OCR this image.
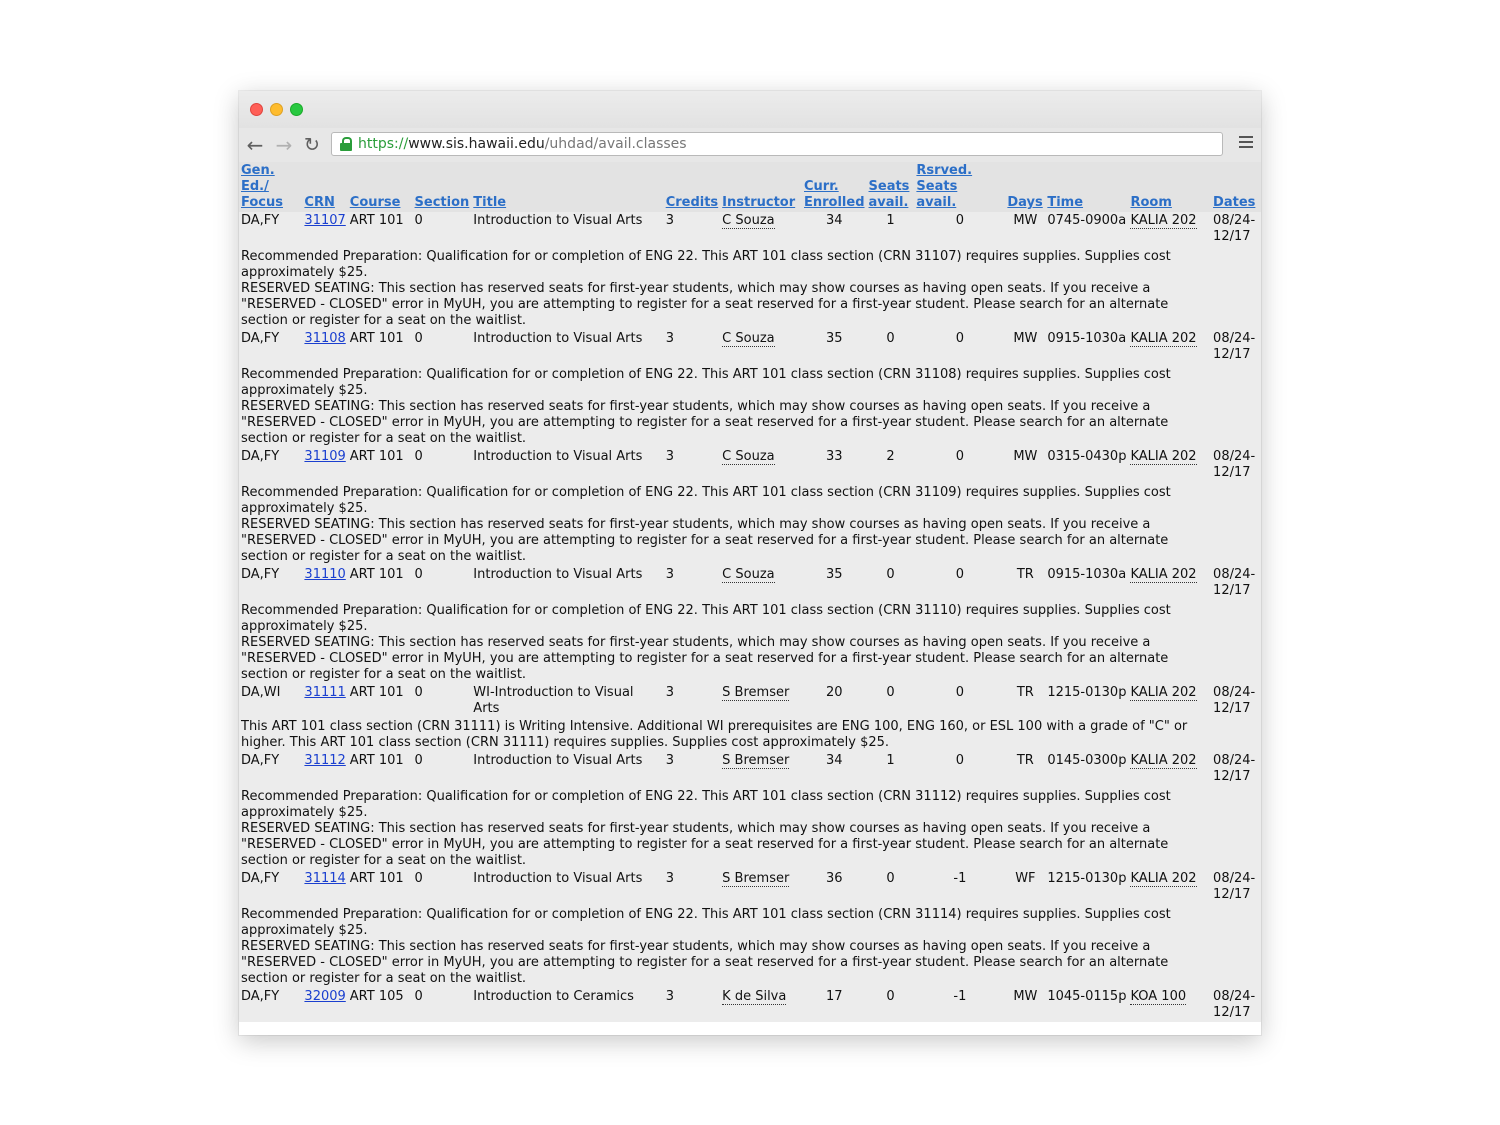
← → ↻	https:// www.sis.hawaii.edu /uhdad/avail.classes
Gen.
Ed./
Focus	CRN	Course	Section	Title	Credits	Instructor	Curr.
Enrolled	Seats
avail.	Rsrved.
Seats
avail.	Days	Time	Room	Dates
DA,FY	31107	ART 101	0	Introduction to Visual Arts	3	C Souza	34	1	0	MW	0745-0900a	KALIA 202	08/24-
12/17

Recommended Preparation: Qualification for or completion of ENG 22. This ART 101 class section (CRN 31107) requires supplies. Supplies cost approximately $25.
RESERVED SEATING: This section has reserved seats for first-year students, which may show courses as having open seats. If you receive a "RESERVED - CLOSED" error in MyUH, you are attempting to register for a seat reserved for a first-year student. Please search for an alternate section or register for a seat on the waitlist.													

DA,FY	31108	ART 101	0	Introduction to Visual Arts	3	C Souza	35	0	0	MW	0915-1030a	KALIA 202	08/24-
12/17

Recommended Preparation: Qualification for or completion of ENG 22. This ART 101 class section (CRN 31108) requires supplies. Supplies cost approximately $25.
RESERVED SEATING: This section has reserved seats for first-year students, which may show courses as having open seats. If you receive a "RESERVED - CLOSED" error in MyUH, you are attempting to register for a seat reserved for a first-year student. Please search for an alternate section or register for a seat on the waitlist.													

DA,FY	31109	ART 101	0	Introduction to Visual Arts	3	C Souza	33	2	0	MW	0315-0430p	KALIA 202	08/24-
12/17

Recommended Preparation: Qualification for or completion of ENG 22. This ART 101 class section (CRN 31109) requires supplies. Supplies cost approximately $25.
RESERVED SEATING: This section has reserved seats for first-year students, which may show courses as having open seats. If you receive a "RESERVED - CLOSED" error in MyUH, you are attempting to register for a seat reserved for a first-year student. Please search for an alternate section or register for a seat on the waitlist.													

DA,FY	31110	ART 101	0	Introduction to Visual Arts	3	C Souza	35	0	0	TR	0915-1030a	KALIA 202	08/24-
12/17

Recommended Preparation: Qualification for or completion of ENG 22. This ART 101 class section (CRN 31110) requires supplies. Supplies cost approximately $25.
RESERVED SEATING: This section has reserved seats for first-year students, which may show courses as having open seats. If you receive a "RESERVED - CLOSED" error in MyUH, you are attempting to register for a seat reserved for a first-year student. Please search for an alternate section or register for a seat on the waitlist.													

DA,WI	31111	ART 101	0	WI-Introduction to Visual Arts	3	S Bremser	20	0	0	TR	1215-0130p	KALIA 202	08/24-
12/17

This ART 101 class section (CRN 31111) is Writing Intensive. Additional WI prerequisites are ENG 100, ENG 160, or ESL 100 with a grade of "C" or higher. This ART 101 class section (CRN 31111) requires supplies. Supplies cost approximately $25.													

DA,FY	31112	ART 101	0	Introduction to Visual Arts	3	S Bremser	34	1	0	TR	0145-0300p	KALIA 202	08/24-
12/17

Recommended Preparation: Qualification for or completion of ENG 22. This ART 101 class section (CRN 31112) requires supplies. Supplies cost approximately $25.
RESERVED SEATING: This section has reserved seats for first-year students, which may show courses as having open seats. If you receive a "RESERVED - CLOSED" error in MyUH, you are attempting to register for a seat reserved for a first-year student. Please search for an alternate section or register for a seat on the waitlist.													

DA,FY	31114	ART 101	0	Introduction to Visual Arts	3	S Bremser	36	0	-1	WF	1215-0130p	KALIA 202	08/24-
12/17

Recommended Preparation: Qualification for or completion of ENG 22. This ART 101 class section (CRN 31114) requires supplies. Supplies cost approximately $25.
RESERVED SEATING: This section has reserved seats for first-year students, which may show courses as having open seats. If you receive a "RESERVED - CLOSED" error in MyUH, you are attempting to register for a seat reserved for a first-year student. Please search for an alternate section or register for a seat on the waitlist.													

DA,FY	32009	ART 105	0	Introduction to Ceramics	3	K de Silva	17	0	-1	MW	1045-0115p	KOA 100	08/24-
12/17
